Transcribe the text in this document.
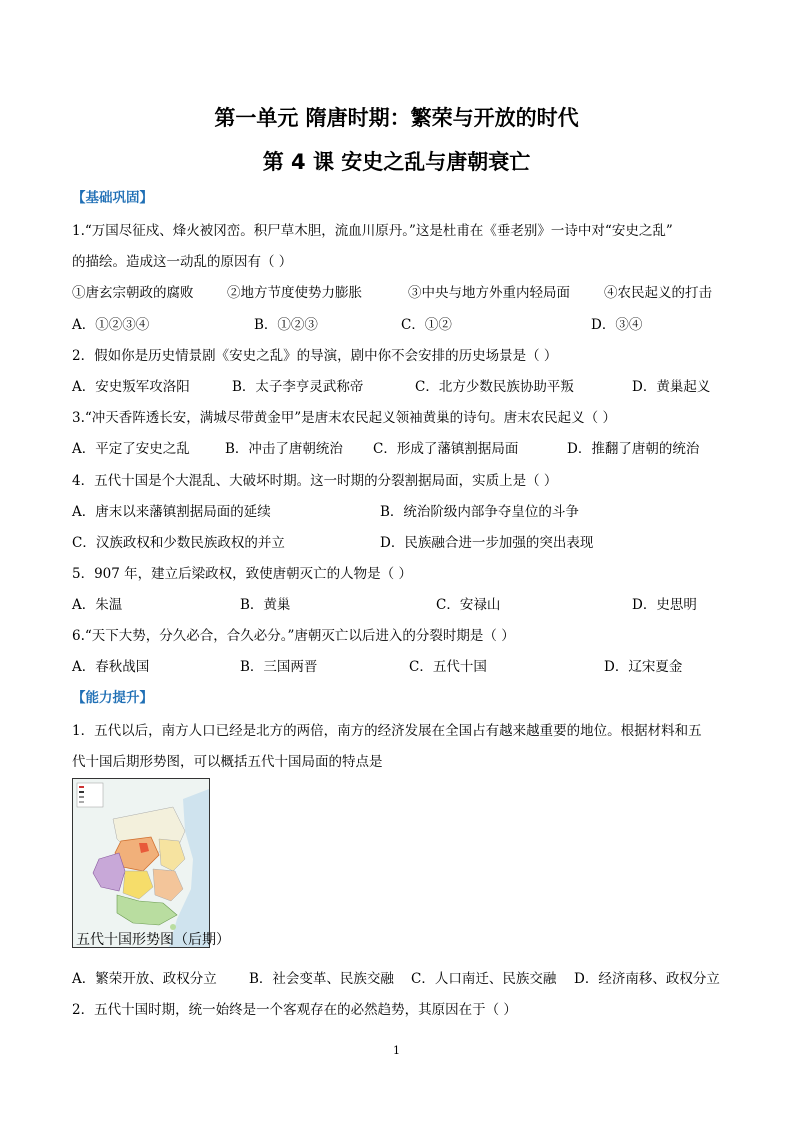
第一单元 隋唐时期：繁荣与开放的时代
第 4 课 安史之乱与唐朝衰亡
【基础巩固】
1.“万国尽征戍、烽火被冈峦。积尸草木胆，流血川原丹。”这是杜甫在《垂老别》一诗中对“安史之乱”
的描绘。造成这一动乱的原因有（ ）
①唐玄宗朝政的腐败 ②地方节度使势力膨胀	③中央与地方外重内轻局面	④农民起义的打击
A．①②③④	B．①②③	C．①②	D．③④
2．假如你是历史情景剧《安史之乱》的导演，剧中你不会安排的历史场景是（ ）
A．安史叛军攻洛阳	B．太子李亨灵武称帝	C．北方少数民族协助平叛	D．黄巢起义
3.“冲天香阵透长安，满城尽带黄金甲”是唐末农民起义领袖黄巢的诗句。唐末农民起义（ ）
A．平定了安史之乱	B．冲击了唐朝统治 C．形成了藩镇割据局面	D．推翻了唐朝的统治
4．五代十国是个大混乱、大破坏时期。这一时期的分裂割据局面，实质上是（ ）
A．唐末以来藩镇割据局面的延续	B．统治阶级内部争夺皇位的斗争
C．汉族政权和少数民族政权的并立	D．民族融合进一步加强的突出表现
5．907 年，建立后梁政权，致使唐朝灭亡的人物是（ ）
A．朱温	B．黄巢	C．安禄山	D．史思明
6.“天下大势，分久必合，合久必分。”唐朝灭亡以后进入的分裂时期是（ ）
A．春秋战国	B．三国两晋	C．五代十国	D．辽宋夏金
【能力提升】
1．五代以后，南方人口已经是北方的两倍，南方的经济发展在全国占有越来越重要的地位。根据材料和五
代十国后期形势图，可以概括五代十国局面的特点是
五代十国形势图（后期）
A．繁荣开放、政权分立 B．社会变革、民族交融 C．人口南迁、民族交融 D．经济南移、政权分立
2．五代十国时期，统一始终是一个客观存在的必然趋势，其原因在于（ ）
1
